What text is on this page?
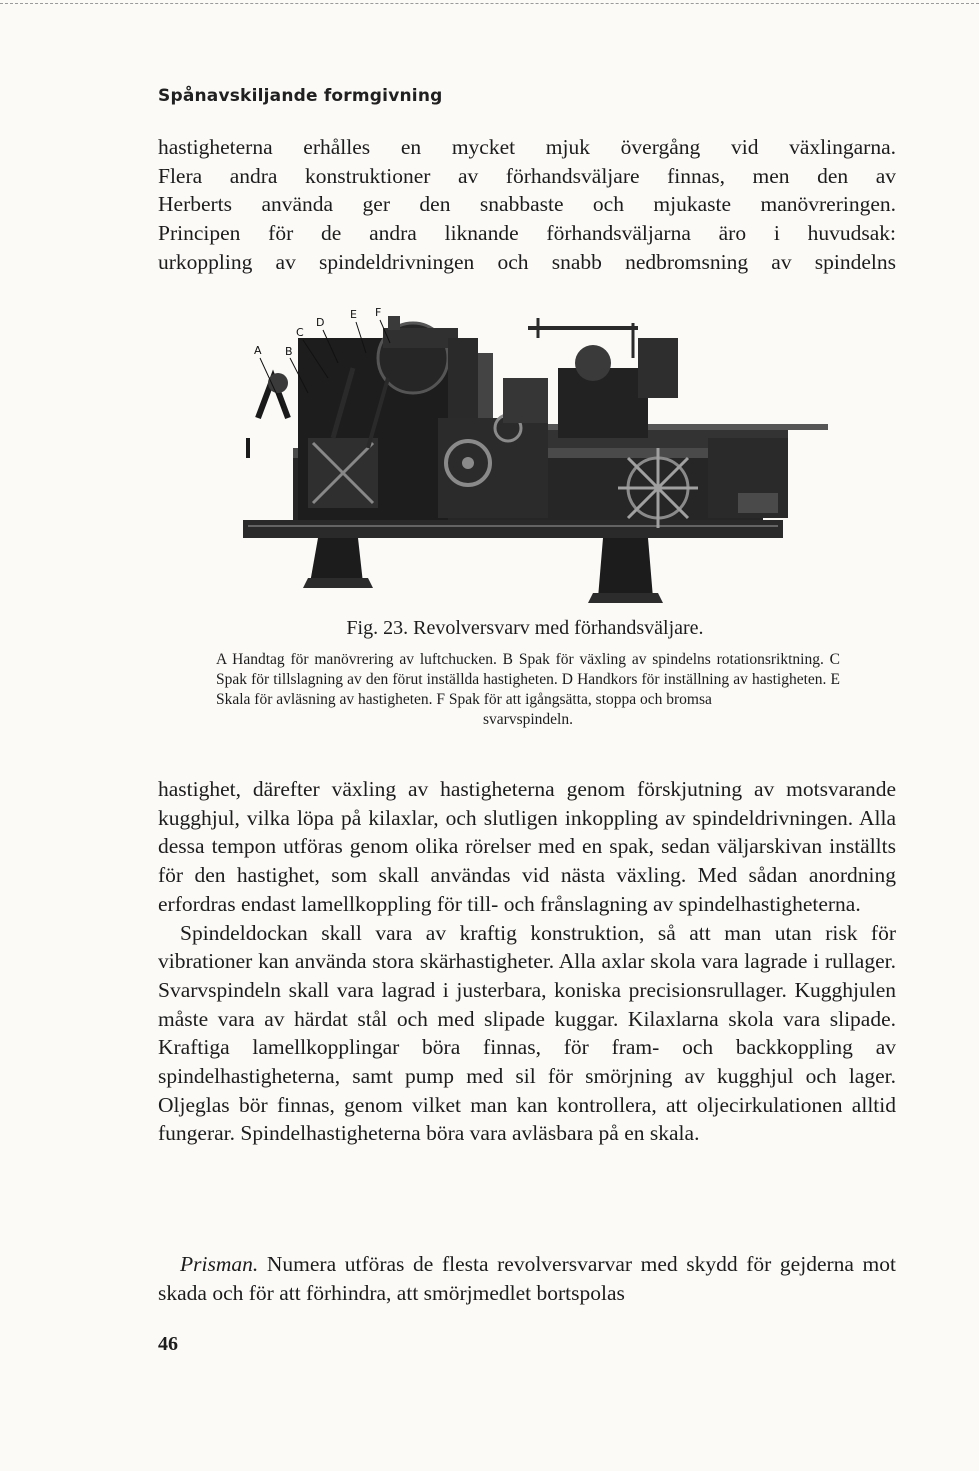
Spånavskiljande formgivning
hastigheterna erhålles en mycket mjuk övergång vid växlingarna.
Flera andra konstruktioner av förhandsväljare finnas, men den av
Herberts använda ger den snabbaste och mjukaste manövreringen.
Principen för de andra liknande förhandsväljarna äro i huvudsak:
urkoppling av spindeldrivningen och snabb nedbromsning av spindelns
A B
C
D
E F
Fig. 23. Revolversvarv med förhandsväljare.
A Handtag för manövrering av luftchucken. B Spak för växling av spindelns rotationsriktning. C Spak för tillslagning av den förut inställda hastigheten. D Handkors för inställning av hastigheten. E Skala för avläsning av hastigheten. F Spak för att igångsätta, stoppa och bromsa
svarvspindeln.

hastighet, därefter växling av hastigheterna genom förskjutning av motsvarande kugghjul, vilka löpa på kilaxlar, och slutligen inkoppling av spindeldrivningen. Alla dessa tempon utföras genom olika rörelser med en spak, sedan väljarskivan inställts för den hastighet, som skall användas vid nästa växling. Med sådan anordning erfordras endast lamellkoppling för till- och frånslagning av spindelhastigheterna.

Spindeldockan skall vara av kraftig konstruktion, så att man utan risk för vibrationer kan använda stora skärhastigheter. Alla axlar skola vara lagrade i rullager. Svarvspindeln skall vara lagrad i justerbara, koniska precisionsrullager. Kugghjulen måste vara av härdat stål och med slipade kuggar. Kilaxlarna skola vara slipade. Kraftiga lamellkopplingar böra finnas, för fram- och backkoppling av spindelhastigheterna, samt pump med sil för smörjning av kugghjul och lager. Oljeglas bör finnas, genom vilket man kan kontrollera, att oljecirkulationen alltid fungerar. Spindelhastigheterna böra vara avläsbara på en skala.

Prisman. Numera utföras de flesta revolversvarvar med skydd för gejderna mot skada och för att förhindra, att smörjmedlet bortspolas

46
